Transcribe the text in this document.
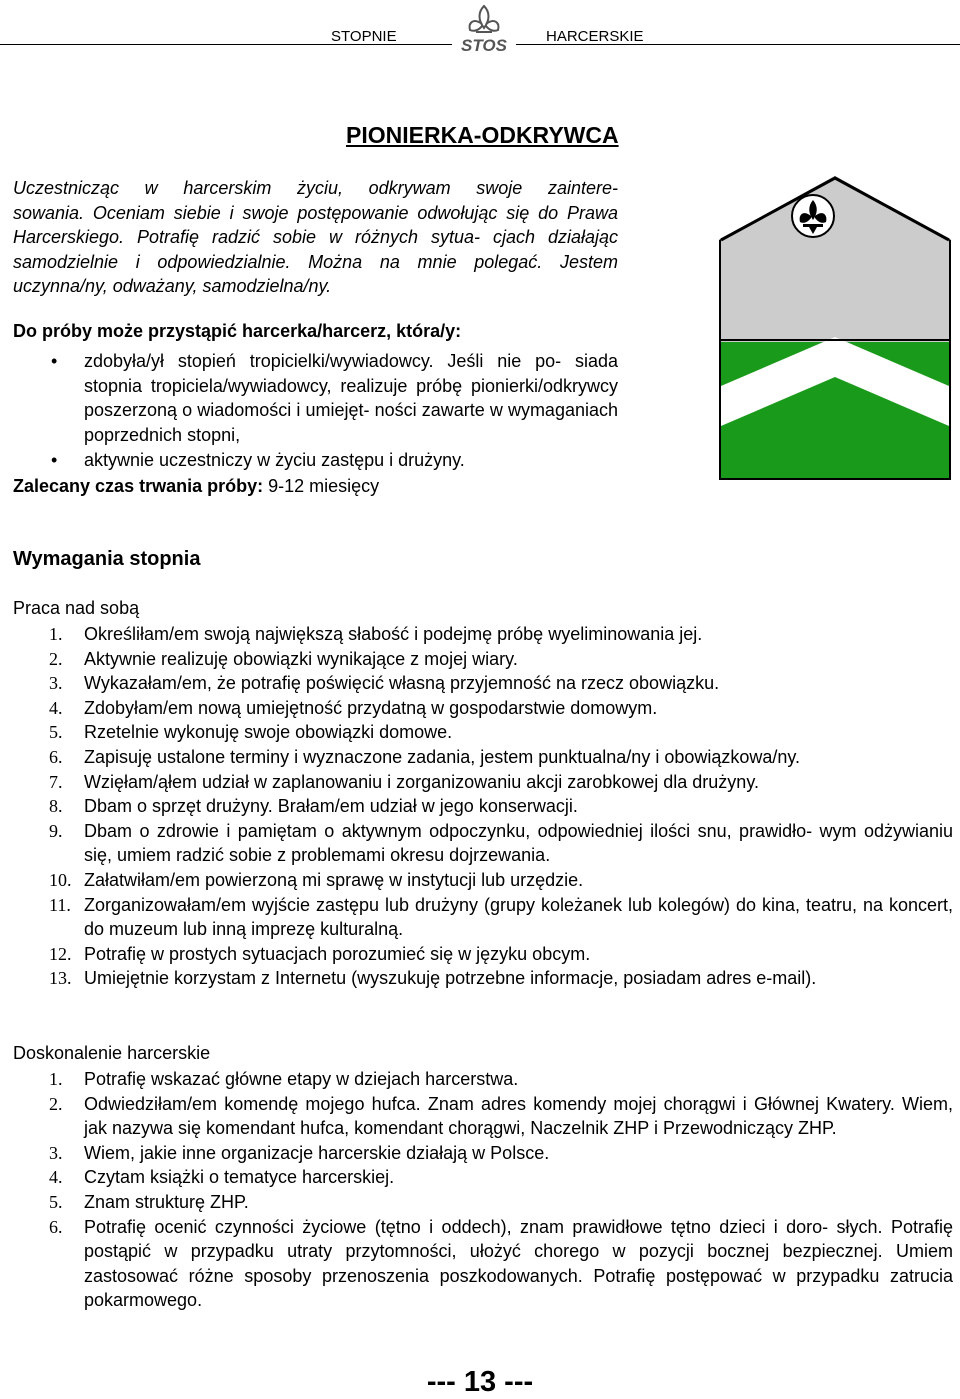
STOPNIE	HARCERSKIE
STOS
PIONIERKA-ODKRYWCA
Uczestnicząc w harcerskim życiu, odkrywam swoje zaintere-
sowania. Oceniam siebie i swoje postępowanie odwołując się do Prawa Harcerskiego. Potrafię radzić sobie w różnych sytua- cjach działając samodzielnie i odpowiedzialnie. Można na mnie polegać. Jestem uczynna/ny, odważany, samodzielna/ny.
Do próby może przystąpić harcerka/harcerz, która/y:
• zdobyła/ył stopień tropicielki/wywiadowcy. Jeśli nie po- siada stopnia tropiciela/wywiadowcy, realizuje próbę pionierki/odkrywcy poszerzoną o wiadomości i umiejęt- ności zawarte w wymaganiach poprzednich stopni,
• aktywnie uczestniczy w życiu zastępu i drużyny.
Zalecany czas trwania próby: 9-12 miesięcy
Wymagania stopnia
Praca nad sobą
1. Określiłam/em swoją największą słabość i podejmę próbę wyeliminowania jej.
2. Aktywnie realizuję obowiązki wynikające z mojej wiary.
3. Wykazałam/em, że potrafię poświęcić własną przyjemność na rzecz obowiązku.
4. Zdobyłam/em nową umiejętność przydatną w gospodarstwie domowym.
5. Rzetelnie wykonuję swoje obowiązki domowe.
6. Zapisuję ustalone terminy i wyznaczone zadania, jestem punktualna/ny i obowiązkowa/ny.
7. Wzięłam/ąłem udział w zaplanowaniu i zorganizowaniu akcji zarobkowej dla drużyny.
8. Dbam o sprzęt drużyny. Brałam/em udział w jego konserwacji.
9. Dbam o zdrowie i pamiętam o aktywnym odpoczynku, odpowiedniej ilości snu, prawidło- wym odżywianiu się, umiem radzić sobie z problemami okresu dojrzewania.
10. Załatwiłam/em powierzoną mi sprawę w instytucji lub urzędzie.
11. Zorganizowałam/em wyjście zastępu lub drużyny (grupy koleżanek lub kolegów) do kina, teatru, na koncert, do muzeum lub inną imprezę kulturalną.
12. Potrafię w prostych sytuacjach porozumieć się w języku obcym.
13. Umiejętnie korzystam z Internetu (wyszukuję potrzebne informacje, posiadam adres e-mail).
Doskonalenie harcerskie
1. Potrafię wskazać główne etapy w dziejach harcerstwa.
2. Odwiedziłam/em komendę mojego hufca. Znam adres komendy mojej chorągwi i Głównej Kwatery. Wiem, jak nazywa się komendant hufca, komendant chorągwi, Naczelnik ZHP i Przewodniczący ZHP.
3. Wiem, jakie inne organizacje harcerskie działają w Polsce.
4. Czytam książki o tematyce harcerskiej.
5. Znam strukturę ZHP.
6. Potrafię ocenić czynności życiowe (tętno i oddech), znam prawidłowe tętno dzieci i doro- słych. Potrafię postąpić w przypadku utraty przytomności, ułożyć chorego w pozycji bocznej bezpiecznej. Umiem zastosować różne sposoby przenoszenia poszkodowanych. Potrafię postępować w przypadku zatrucia pokarmowego.
--- 13 ---
